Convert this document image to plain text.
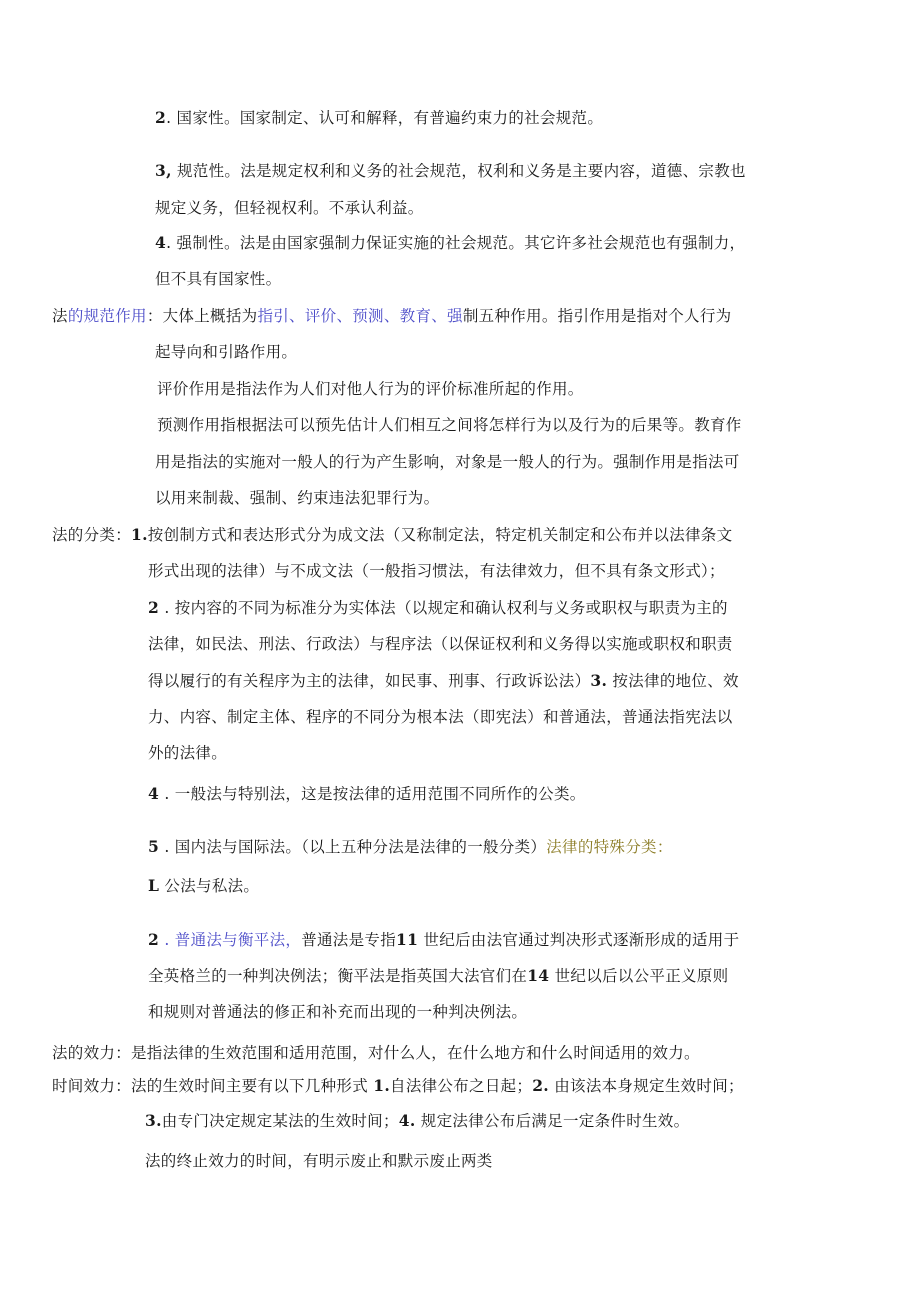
2. 国家性。国家制定、认可和解释，有普遍约束力的社会规范。
3, 规范性。法是规定权利和义务的社会规范，权利和义务是主要内容，道德、宗教也
规定义务，但轻视权利。不承认利益。
4. 强制性。法是由国家强制力保证实施的社会规范。其它许多社会规范也有强制力，
但不具有国家性。
法的规范作用：大体上概括为指引、评价、预测、教育、强制五种作用。指引作用是指对个人行为
起导向和引路作用。
评价作用是指法作为人们对他人行为的评价标准所起的作用。
预测作用指根据法可以预先估计人们相互之间将怎样行为以及行为的后果等。教育作
用是指法的实施对一般人的行为产生影响，对象是一般人的行为。强制作用是指法可
以用来制裁、强制、约束违法犯罪行为。
法的分类：1.按创制方式和表达形式分为成文法（又称制定法，特定机关制定和公布并以法律条文
形式出现的法律）与不成文法（一般指习惯法，有法律效力，但不具有条文形式）；
2 . 按内容的不同为标准分为实体法（以规定和确认权利与义务或职权与职责为主的
法律，如民法、刑法、行政法）与程序法（以保证权利和义务得以实施或职权和职责
得以履行的有关程序为主的法律，如民事、刑事、行政诉讼法）3. 按法律的地位、效
力、内容、制定主体、程序的不同分为根本法（即宪法）和普通法，普通法指宪法以
外的法律。
4 . 一般法与特别法，这是按法律的适用范围不同所作的公类。
5 . 国内法与国际法。（以上五种分法是法律的一般分类）法律的特殊分类：
L 公法与私法。
2 . 普通法与衡平法，普通法是专指11 世纪后由法官通过判决形式逐渐形成的适用于
全英格兰的一种判决例法；衡平法是指英国大法官们在14 世纪以后以公平正义原则
和规则对普通法的修正和补充而出现的一种判决例法。
法的效力：是指法律的生效范围和适用范围，对什么人，在什么地方和什么时间适用的效力。
时间效力：法的生效时间主要有以下几种形式 1.自法律公布之日起；2. 由该法本身规定生效时间；
3.由专门决定规定某法的生效时间；4. 规定法律公布后满足一定条件时生效。
法的终止效力的时间，有明示废止和默示废止两类
